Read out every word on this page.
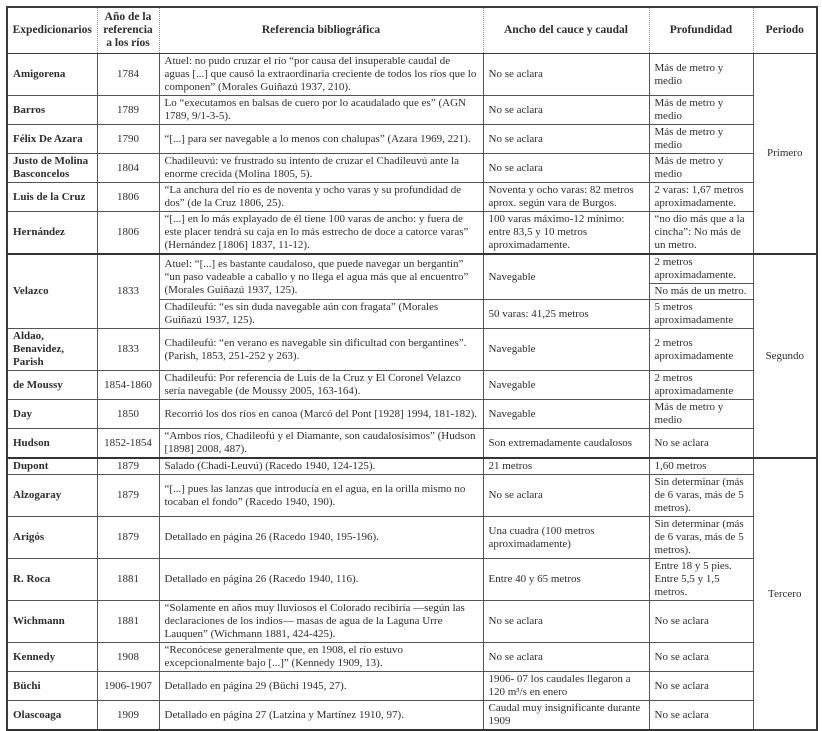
Expedicionarios	Año de la referencia a los ríos	Referencia bibliográfica	Ancho del cauce y caudal	Profundidad	Periodo
Amigorena	1784	Atuel: no pudo cruzar el río “por causa del insuperable caudal de aguas [...] que causó la extraordinaria creciente de todos los ríos que lo componen” (Morales Guiñazú 1937, 210).	No se aclara	Más de metro y medio	Primero
Barros	1789	Lo “executamos en balsas de cuero por lo acaudalado que es” (AGN 1789, 9/1-3-5).	No se aclara	Más de metro y medio	
Félix De Azara	1790	“[...] para ser navegable a lo menos con chalupas” (Azara 1969, 221).	No se aclara	Más de metro y medio	
Justo de Molina Basconcelos	1804	Chadileuvú: ve frustrado su intento de cruzar el Chadileuvú ante la enorme crecida (Molina 1805, 5).	No se aclara	Más de metro y medio	
Luis de la Cruz	1806	“La anchura del río es de noventa y ocho varas y su profundidad de dos” (de la Cruz 1806, 25).	Noventa y ocho varas: 82 metros aprox. según vara de Burgos.	2 varas: 1,67 metros aproximadamente.	
Hernández	1806	“[...] en lo más explayado de él tiene 100 varas de ancho: y fuera de este placer tendrá su caja en lo más estrecho de doce a catorce varas” (Hernández [1806] 1837, 11-12).	100 varas máximo-12 mínimo: entre 83,5 y 10 metros aproximadamente.	“no dio más que a la cincha”: No más de un metro.	
Velazco	1833	Atuel: “[...] es bastante caudaloso, que puede navegar un bergantín” “un paso vadeable a caballo y no llega el agua más que al encuentro” (Morales Guiñazú 1937, 125).	Navegable	2 metros aproximadamente.	Segundo
				No más de un metro.	
		Chadileufú: “es sin duda navegable aún con fragata” (Morales Guiñazú 1937, 125).	50 varas: 41,25 metros	5 metros aproximadamente	
Aldao, Benavidez, Parish	1833	Chadileufú: “en verano es navegable sin dificultad con bergantines”. (Parish, 1853, 251-252 y 263).	Navegable	2 metros aproximadamente	
de Moussy	1854-1860	Chadileufú: Por referencia de Luis de la Cruz y El Coronel Velazco sería navegable (de Moussy 2005, 163-164).	Navegable	2 metros aproximadamente	
Day	1850	Recorrió los dos ríos en canoa (Marcó del Pont [1928] 1994, 181-182).	Navegable	Más de metro y medio	
Hudson	1852-1854	“Ambos ríos, Chadileofú y el Diamante, son caudalosísimos” (Hudson [1898] 2008, 487).	Son extremadamente caudalosos	No se aclara	
Dupont	1879	Salado (Chadi-Leuvú) (Racedo 1940, 124-125).	21 metros	1,60 metros	Tercero
Alzogaray	1879	“[...] pues las lanzas que introducía en el agua, en la orilla mismo no tocaban el fondo” (Racedo 1940, 190).	No se aclara	Sin determinar (más de 6 varas, más de 5 metros).	
Arigós	1879	Detallado en página 26 (Racedo 1940, 195-196).	Una cuadra (100 metros aproximadamente)	Sin determinar (más de 6 varas, más de 5 metros).	
R. Roca	1881	Detallado en página 26 (Racedo 1940, 116).	Entre 40 y 65 metros	Entre 18 y 5 pies. Entre 5,5 y 1,5 metros.	
Wichmann	1881	“Solamente en años muy lluviosos el Colorado recibiría —según las declaraciones de los indios— masas de agua de la Laguna Urre Lauquen” (Wichmann 1881, 424-425).	No se aclara	No se aclara	
Kennedy	1908	“Reconócese generalmente que, en 1908, el río estuvo excepcionalmente bajo [...]” (Kennedy 1909, 13).	No se aclara	No se aclara	
Büchi	1906-1907	Detallado en página 29 (Büchi 1945, 27).	1906- 07 los caudales llegaron a 120 m³/s en enero	No se aclara	
Olascoaga	1909	Detallado en página 27 (Latzina y Martínez 1910, 97).	Caudal muy insignificante durante 1909	No se aclara	
